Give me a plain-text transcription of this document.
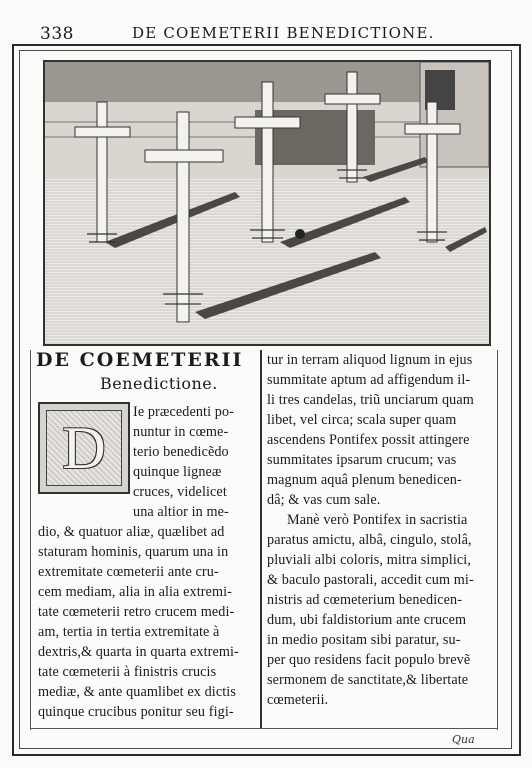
338	DE COEMETERII BENEDICTIONE.
DE COEMETERII
Benedictione.
D
Ie præcedenti po-
nuntur in cœme-
terio benedicẽdo
quinque ligneæ
cruces, videlicet
una altior in me-
dio, & quatuor aliæ, quælibet ad
staturam hominis, quarum una in
extremitate cœmeterii ante cru-
cem mediam, alia in alia extremi-
tate cœmeterii retro crucem medi-
am, tertia in tertia extremitate à
dextris,& quarta in quarta extremi-
tate cœmeterii à finistris crucis
mediæ, & ante quamlibet ex dictis
quinque crucibus ponitur seu figi-
tur in terram aliquod lignum in ejus
summitate aptum ad affigendum il-
li tres candelas, triũ unciarum quam
libet, vel circa; scala super quam
ascendens Pontifex possit attingere
summitates ipsarum crucum; vas
magnum aquâ plenum benedicen-
dâ; & vas cum sale.
Manè verò Pontifex in sacristia
paratus amictu, albâ, cingulo, stolâ,
pluviali albi coloris, mitra simplici,
& baculo pastorali, accedit cum mi-
nistris ad cœmeterium benedicen-
dum, ubi faldistorium ante crucem
in medio positam sibi paratur, su-
per quo residens facit populo brevẽ
sermonem de sanctitate,& libertate
cœmeterii.
Qua
